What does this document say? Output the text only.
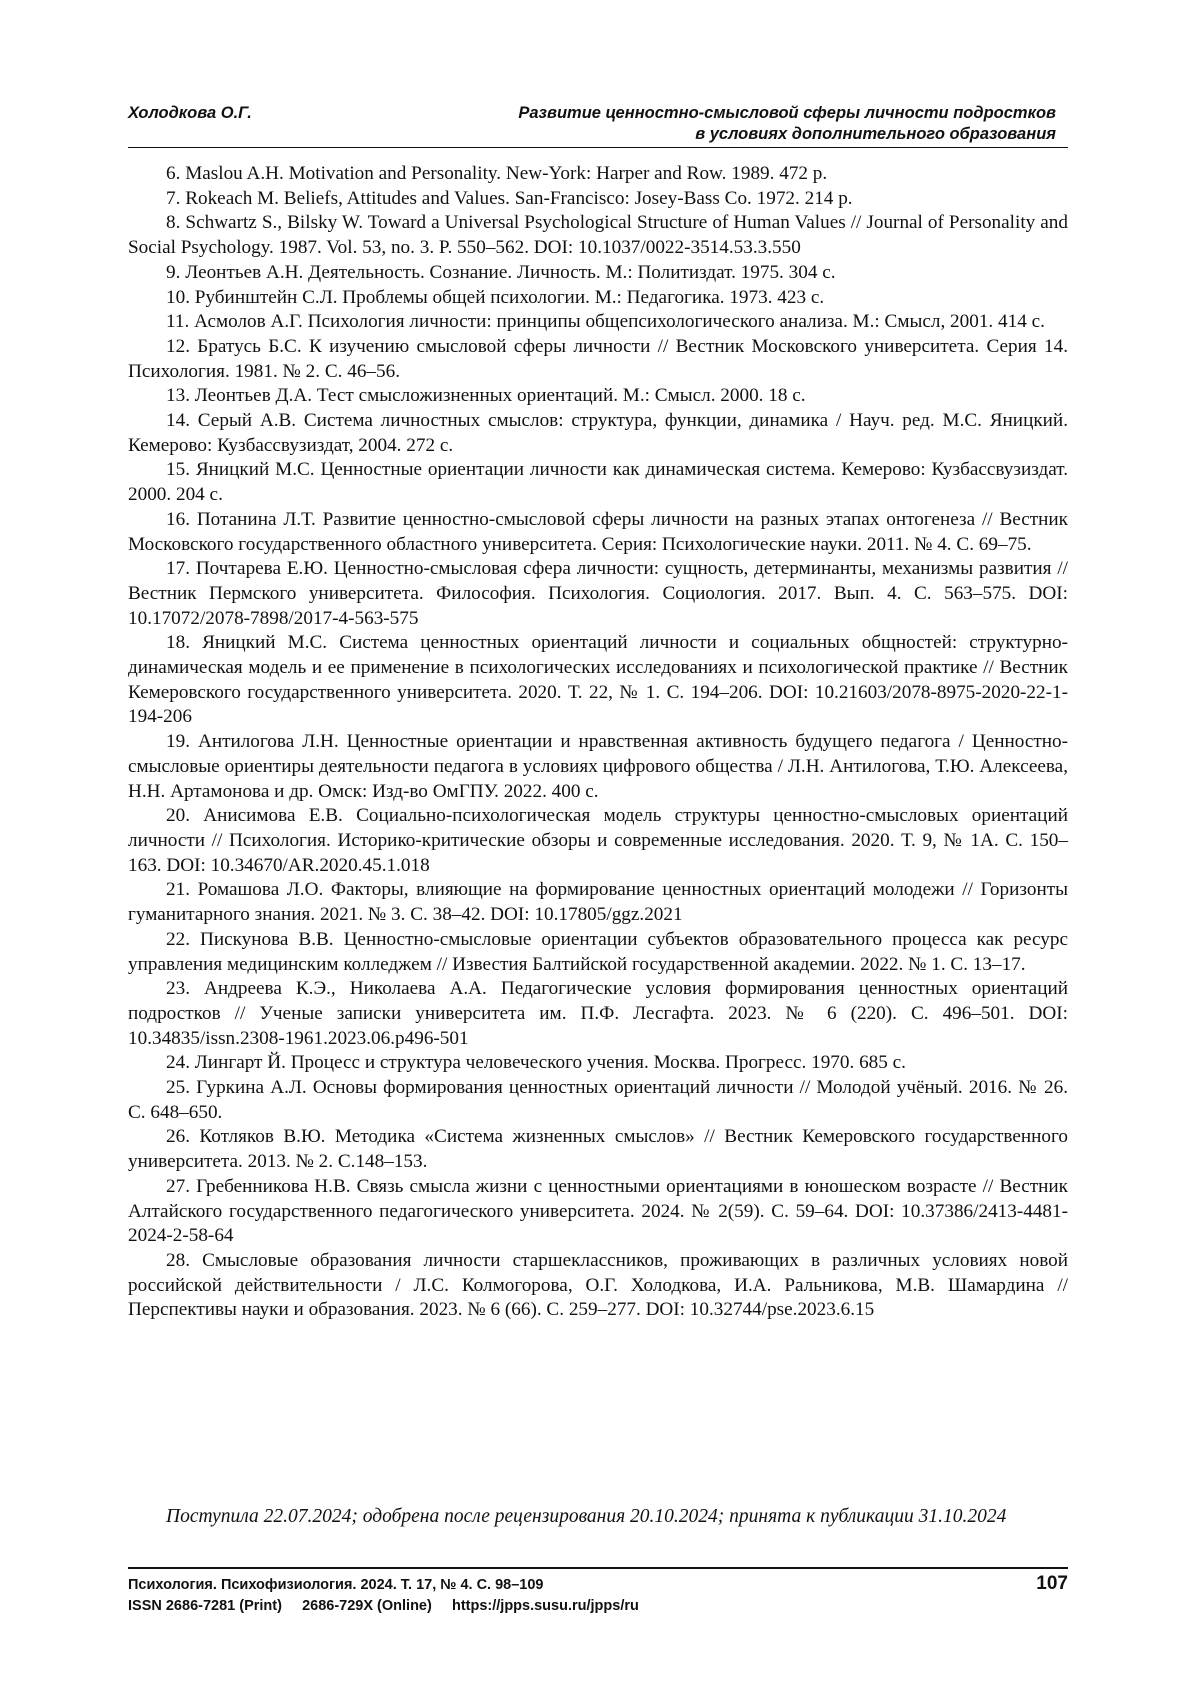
Холодкова О.Г.	Развитие ценностно-смысловой сферы личности подростков
в условиях дополнительного образования

6. Maslou A.H. Motivation and Personality. New-York: Harper and Row. 1989. 472 p.

7. Rokeach M. Beliefs, Attitudes and Values. San-Francisco: Josey-Bass Co. 1972. 214 p.

8. Schwartz S., Bilsky W. Toward a Universal Psychological Structure of Human Values // Journal of Personality and Social Psychology. 1987. Vol. 53, no. 3. P. 550–562. DOI: 10.1037/0022-3514.53.3.550

9. Леонтьев А.Н. Деятельность. Сознание. Личность. М.: Политиздат. 1975. 304 с.

10. Рубинштейн С.Л. Проблемы общей психологии. М.: Педагогика. 1973. 423 с.

11. Асмолов А.Г. Психология личности: принципы общепсихологического анализа. М.: Смысл, 2001. 414 с.

12. Братусь Б.С. К изучению смысловой сферы личности // Вестник Московского университета. Серия 14. Психология. 1981. № 2. С. 46–56.

13. Леонтьев Д.А. Тест смысложизненных ориентаций. М.: Смысл. 2000. 18 с.

14. Серый А.В. Система личностных смыслов: структура, функции, динамика / Науч. ред. М.С. Яницкий. Кемерово: Кузбассвузиздат, 2004. 272 с.

15. Яницкий М.С. Ценностные ориентации личности как динамическая система. Кемерово: Кузбассвузиздат. 2000. 204 с.

16. Потанина Л.Т. Развитие ценностно-смысловой сферы личности на разных этапах онтогенеза // Вестник Московского государственного областного университета. Серия: Психологические науки. 2011. № 4. С. 69–75.

17. Почтарева Е.Ю. Ценностно-смысловая сфера личности: сущность, детерминанты, механизмы развития // Вестник Пермского университета. Философия. Психология. Социология. 2017. Вып. 4. С. 563–575. DOI: 10.17072/2078-7898/2017-4-563-575

18. Яницкий М.С. Система ценностных ориентаций личности и социальных общностей: структурно-динамическая модель и ее применение в психологических исследованиях и психологической практике // Вестник Кемеровского государственного университета. 2020. Т. 22, № 1. С. 194–206. DOI: 10.21603/2078-8975-2020-22-1-194-206

19. Антилогова Л.Н. Ценностные ориентации и нравственная активность будущего педагога / Ценностно-смысловые ориентиры деятельности педагога в условиях цифрового общества / Л.Н. Антилогова, Т.Ю. Алексеева, Н.Н. Артамонова и др. Омск: Изд-во ОмГПУ. 2022. 400 с.

20. Анисимова Е.В. Социально-психологическая модель структуры ценностно-смысловых ориентаций личности // Психология. Историко-критические обзоры и современные исследования. 2020. Т. 9, № 1А. С. 150–163. DOI: 10.34670/AR.2020.45.1.018

21. Ромашова Л.О. Факторы, влияющие на формирование ценностных ориентаций молодежи // Горизонты гуманитарного знания. 2021. № 3. С. 38–42. DOI: 10.17805/ggz.2021

22. Пискунова В.В. Ценностно-смысловые ориентации субъектов образовательного процесса как ресурс управления медицинским колледжем // Известия Балтийской государственной академии. 2022. № 1. С. 13–17.

23. Андреева К.Э., Николаева А.А. Педагогические условия формирования ценностных ориентаций подростков // Ученые записки университета им. П.Ф. Лесгафта. 2023. № 6 (220). С. 496–501. DOI: 10.34835/issn.2308-1961.2023.06.p496-501

24. Лингарт Й. Процесс и структура человеческого учения. Москва. Прогресс. 1970. 685 с.

25. Гуркина А.Л. Основы формирования ценностных ориентаций личности // Молодой учёный. 2016. № 26. С. 648–650.

26. Котляков В.Ю. Методика «Система жизненных смыслов» // Вестник Кемеровского государственного университета. 2013. № 2. С.148–153.

27. Гребенникова Н.В. Связь смысла жизни с ценностными ориентациями в юношеском возрасте // Вестник Алтайского государственного педагогического университета. 2024. № 2(59). С. 59–64. DOI: 10.37386/2413-4481-2024-2-58-64

28. Смысловые образования личности старшеклассников, проживающих в различных условиях новой российской действительности / Л.С. Колмогорова, О.Г. Холодкова, И.А. Ральникова, М.В. Шамардина // Перспективы науки и образования. 2023. № 6 (66). С. 259–277. DOI: 10.32744/pse.2023.6.15

Поступила 22.07.2024; одобрена после рецензирования 20.10.2024; принята к публикации 31.10.2024
Психология. Психофизиология. 2024. Т. 17, № 4. С. 98–109
ISSN 2686-7281 (Print)     2686-729X (Online)     https://jpps.susu.ru/jpps/ru
107
